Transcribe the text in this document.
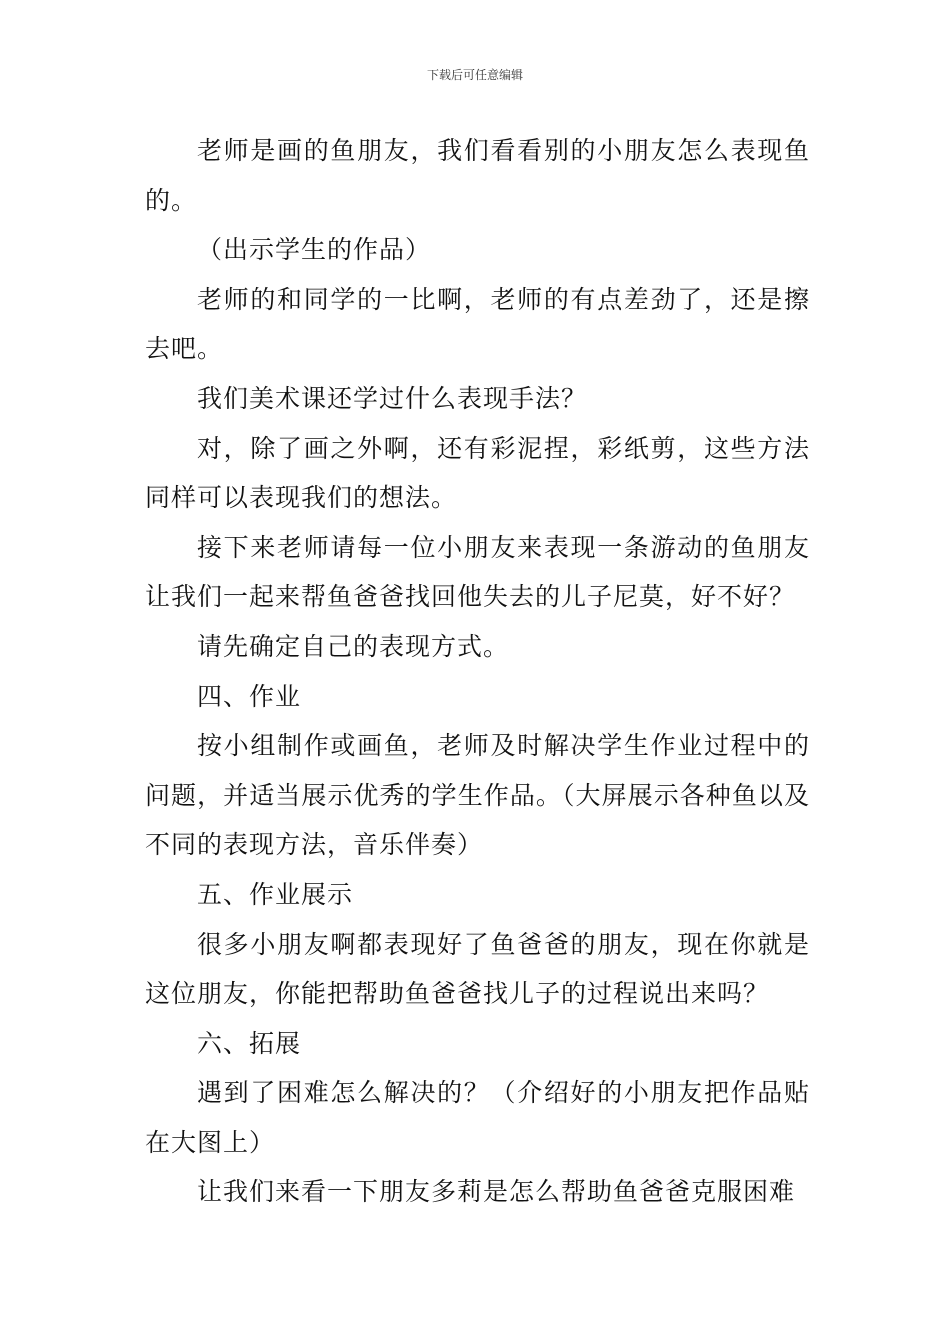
下载后可任意编辑

老师是画的鱼朋友，我们看看别的小朋友怎么表现鱼的。

（出示学生的作品）

老师的和同学的一比啊，老师的有点差劲了，还是擦去吧。

我们美术课还学过什么表现手法？

对，除了画之外啊，还有彩泥捏，彩纸剪，这些方法同样可以表现我们的想法。

接下来老师请每一位小朋友来表现一条游动的鱼朋友让我们一起来帮鱼爸爸找回他失去的儿子尼莫，好不好？

请先确定自己的表现方式。

四、作业

按小组制作或画鱼，老师及时解决学生作业过程中的问题，并适当展示优秀的学生作品。（大屏展示各种鱼以及不同的表现方法，音乐伴奏）

五、作业展示

很多小朋友啊都表现好了鱼爸爸的朋友，现在你就是这位朋友，你能把帮助鱼爸爸找儿子的过程说出来吗？

六、拓展

遇到了困难怎么解决的？（介绍好的小朋友把作品贴在大图上）

让我们来看一下朋友多莉是怎么帮助鱼爸爸克服困难
